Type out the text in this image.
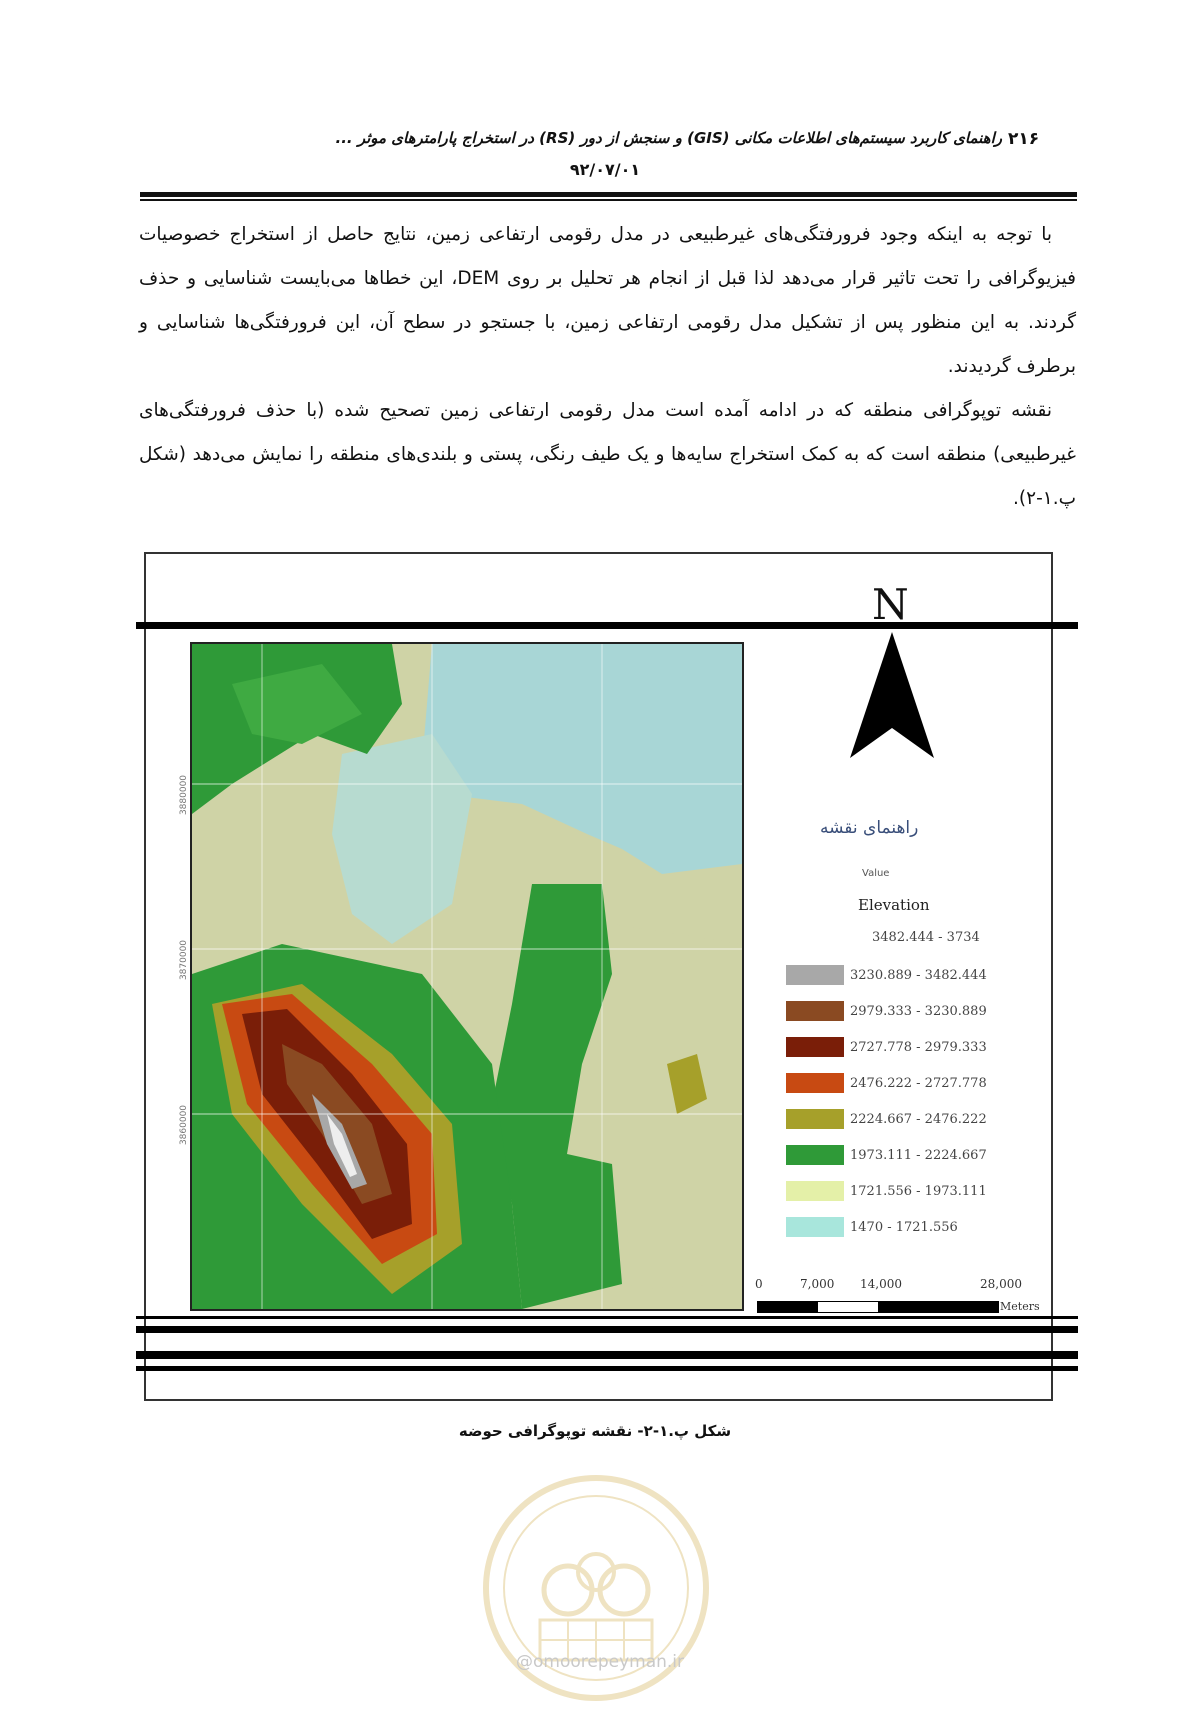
۲۱۶
راهنمای کاربرد سیستم‌های اطلاعات مکانی (GIS) و سنجش از دور (RS) در استخراج پارامترهای موثر ...
۹۲/۰۷/۰۱

با توجه به اینکه وجود فرورفتگی‌های غیرطبیعی در مدل رقومی ارتفاعی زمین، نتایج حاصل از استخراج خصوصیات فیزیوگرافی را تحت تاثیر قرار می‌دهد لذا قبل از انجام هر تحلیل بر روی DEM، این خطاها می‌بایست شناسایی و حذف گردند. به این منظور پس از تشکیل مدل رقومی ارتفاعی زمین، با جستجو در سطح آن، این فرورفتگی‌ها شناسایی و برطرف گردیدند.

نقشه توپوگرافی منطقه که در ادامه آمده است مدل رقومی ارتفاعی زمین تصحیح شده (با حذف فرورفتگی‌های غیرطبیعی) منطقه است که به کمک استخراج سایه‌ها و یک طیف رنگی، پستی و بلندی‌های منطقه را نمایش می‌دهد (شکل پ.۱-۲).

N
3880000
3870000
3860000
راهنمای نقشه
Value
Elevation
3482.444 - 3734
3230.889 - 3482.444
2979.333 - 3230.889
2727.778 - 2979.333
2476.222 - 2727.778
2224.667 - 2476.222
1973.111 - 2224.667
1721.556 - 1973.111
1470 - 1721.556
0	7,000 14,000	28,000
Meters
شکل پ.۱-۲- نقشه توپوگرافی حوضه
@omoorepeyman.ir
